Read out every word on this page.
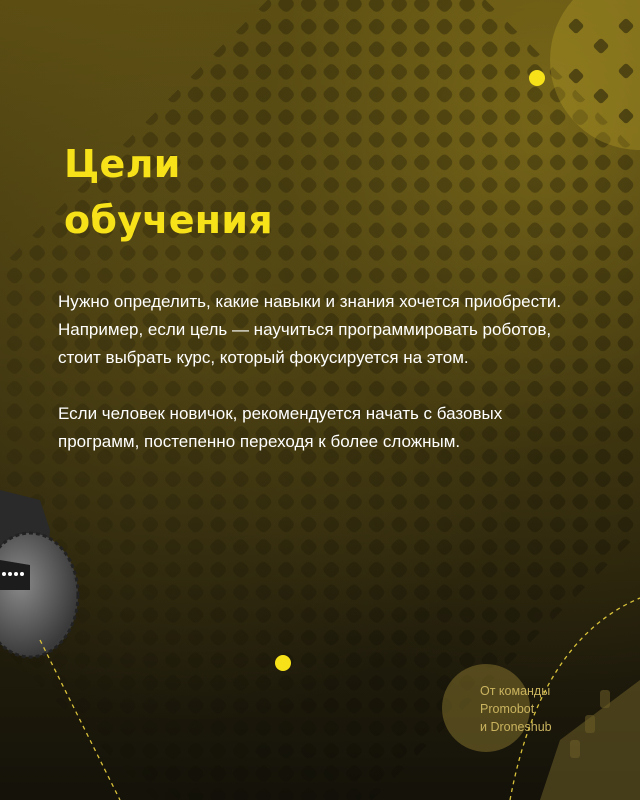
Цели
обучения

Нужно определить, какие навыки и знания хочется приобрести. Например, если цель — научиться программировать роботов, стоит выбрать курс, который фокусируется на этом.

Если человек новичок, рекомендуется начать с базовых программ, постепенно переходя к более сложным.

От команды
Promobot
и Droneshub
